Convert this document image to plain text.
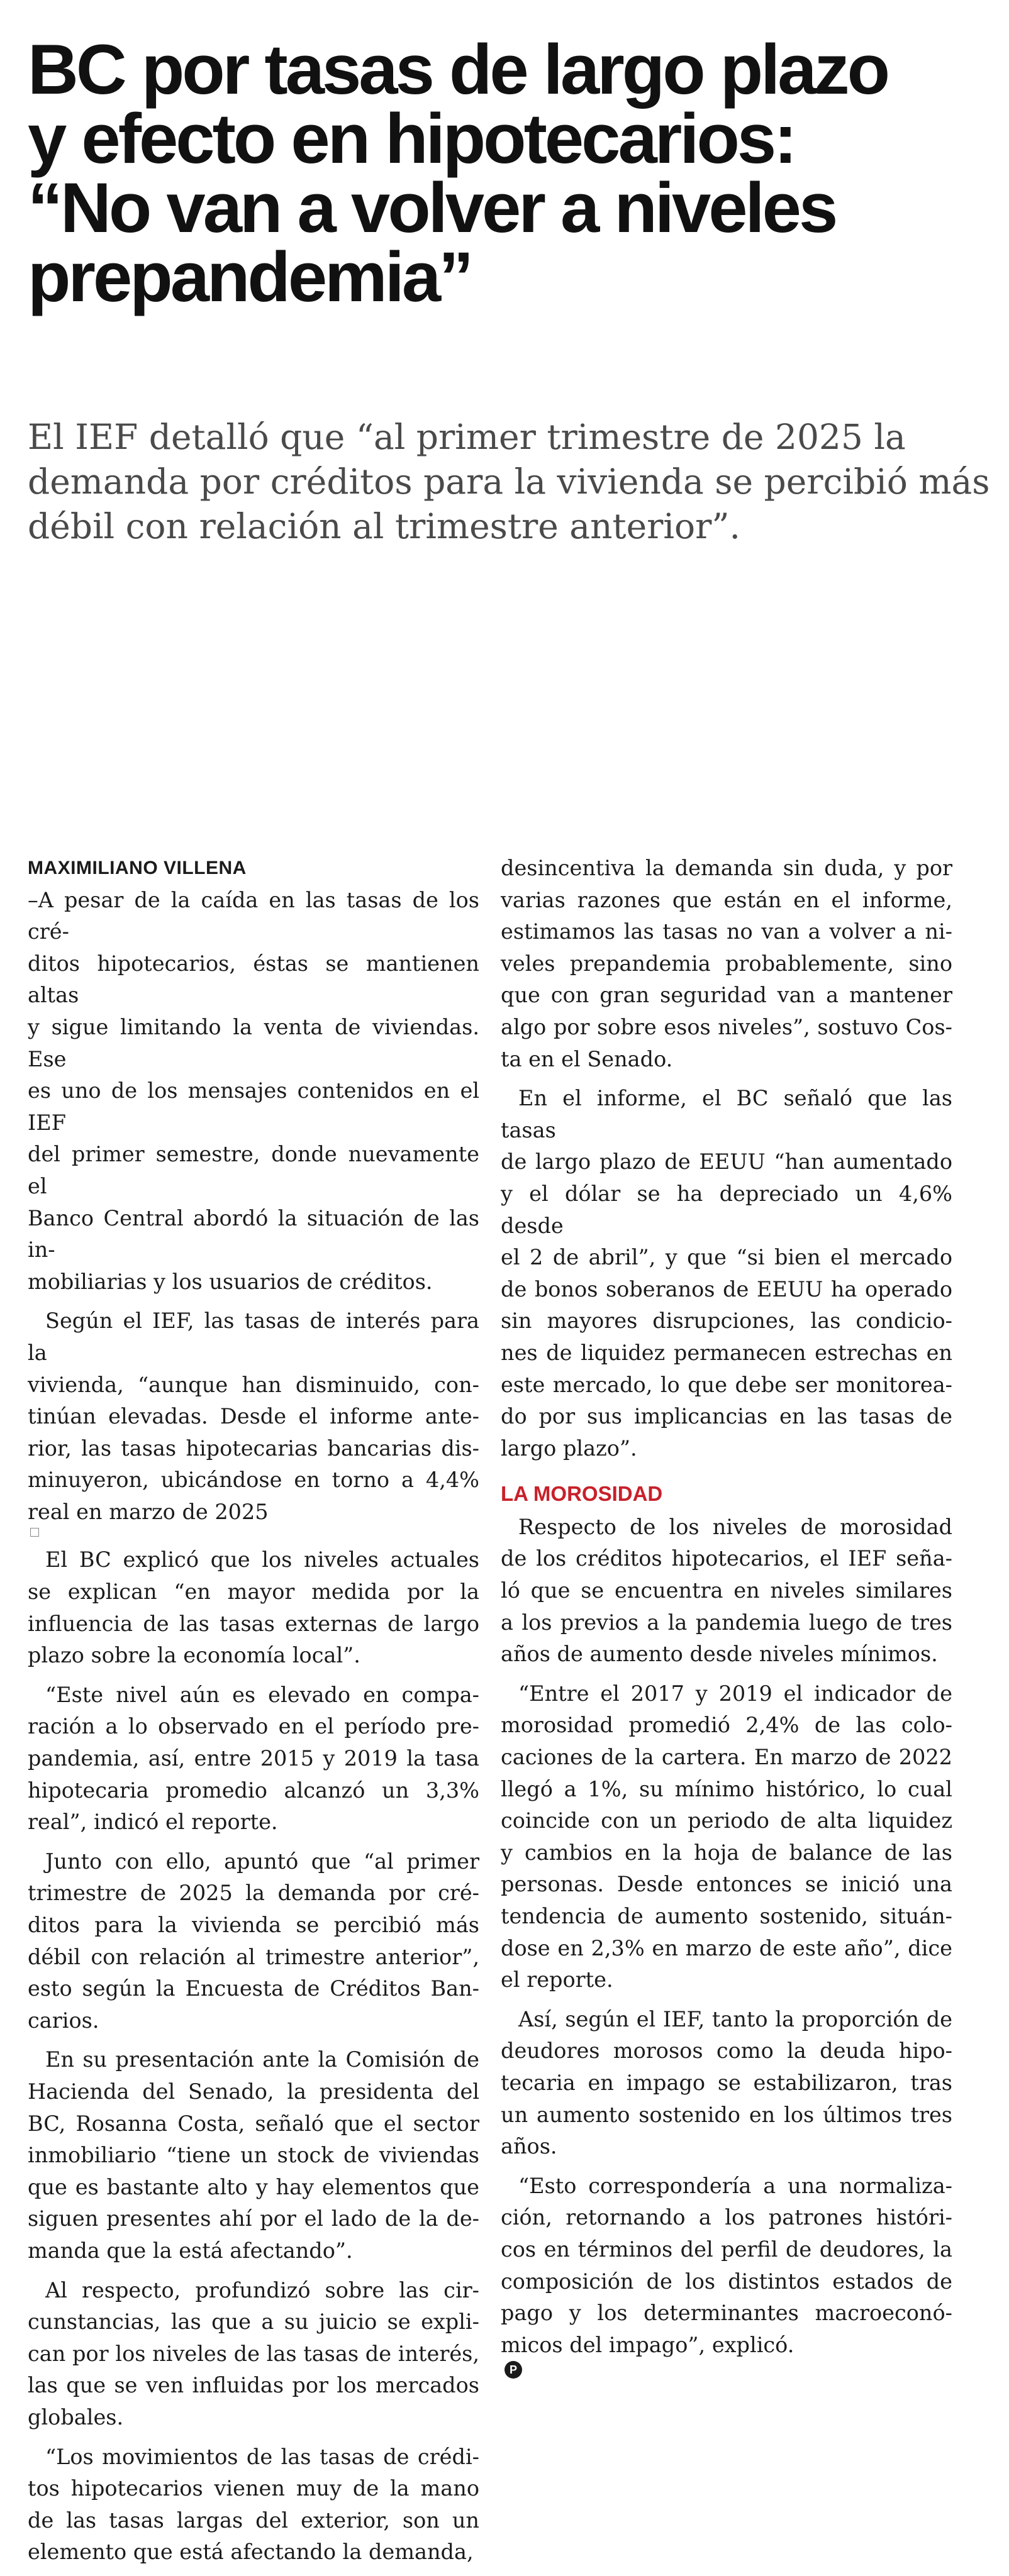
BC por tasas de largo plazo
y efecto en hipotecarios:
“No van a volver a niveles
prepandemia”

El IEF detalló que “al primer trimestre de 2025 la
demanda por créditos para la vivienda se percibió más
débil con relación al trimestre anterior”.

MAXIMILIANO VILLENA
–A pesar de la caída en las tasas de los cré-
ditos hipotecarios, éstas se mantienen altas
y sigue limitando la venta de viviendas. Ese
es uno de los mensajes contenidos en el IEF
del primer semestre, donde nuevamente el
Banco Central abordó la situación de las in-
mobiliarias y los usuarios de créditos.
Según el IEF, las tasas de interés para la
vivienda, “aunque han disminuido, con-
tinúan elevadas. Desde el informe ante-
rior, las tasas hipotecarias bancarias dis-
minuyeron, ubicándose en torno a 4,4%
real en marzo de 2025
El BC explicó que los niveles actuales
se explican “en mayor medida por la
influencia de las tasas externas de largo
plazo sobre la economía local”.
“Este nivel aún es elevado en compa-
ración a lo observado en el período pre-
pandemia, así, entre 2015 y 2019 la tasa
hipotecaria promedio alcanzó un 3,3%
real”, indicó el reporte.
Junto con ello, apuntó que “al primer
trimestre de 2025 la demanda por cré-
ditos para la vivienda se percibió más
débil con relación al trimestre anterior”,
esto según la Encuesta de Créditos Ban-
carios.
En su presentación ante la Comisión de
Hacienda del Senado, la presidenta del
BC, Rosanna Costa, señaló que el sector
inmobiliario “tiene un stock de viviendas
que es bastante alto y hay elementos que
siguen presentes ahí por el lado de la de-
manda que la está afectando”.
Al respecto, profundizó sobre las cir-
cunstancias, las que a su juicio se expli-
can por los niveles de las tasas de interés,
las que se ven influidas por los mercados
globales.
“Los movimientos de las tasas de crédi-
tos hipotecarios vienen muy de la mano
de las tasas largas del exterior, son un
elemento que está afectando la demanda,
desincentiva la demanda sin duda, y por
varias razones que están en el informe,
estimamos las tasas no van a volver a ni-
veles prepandemia probablemente, sino
que con gran seguridad van a mantener
algo por sobre esos niveles”, sostuvo Cos-
ta en el Senado.
En el informe, el BC señaló que las tasas
de largo plazo de EEUU “han aumentado
y el dólar se ha depreciado un 4,6% desde
el 2 de abril”, y que “si bien el mercado
de bonos soberanos de EEUU ha operado
sin mayores disrupciones, las condicio-
nes de liquidez permanecen estrechas en
este mercado, lo que debe ser monitorea-
do por sus implicancias en las tasas de
largo plazo”.
LA MOROSIDAD
Respecto de los niveles de morosidad
de los créditos hipotecarios, el IEF seña-
ló que se encuentra en niveles similares
a los previos a la pandemia luego de tres
años de aumento desde niveles mínimos.
“Entre el 2017 y 2019 el indicador de
morosidad promedió 2,4% de las colo-
caciones de la cartera. En marzo de 2022
llegó a 1%, su mínimo histórico, lo cual
coincide con un periodo de alta liquidez
y cambios en la hoja de balance de las
personas. Desde entonces se inició una
tendencia de aumento sostenido, situán-
dose en 2,3% en marzo de este año”, dice
el reporte.
Así, según el IEF, tanto la proporción de
deudores morosos como la deuda hipo-
tecaria en impago se estabilizaron, tras
un aumento sostenido en los últimos tres
años.
“Esto correspondería a una normaliza-
ción, retornando a los patrones históri-
cos en términos del perfil de deudores, la
composición de los distintos estados de
pago y los determinantes macroeconó-
micos del impago”, explicó.
P
